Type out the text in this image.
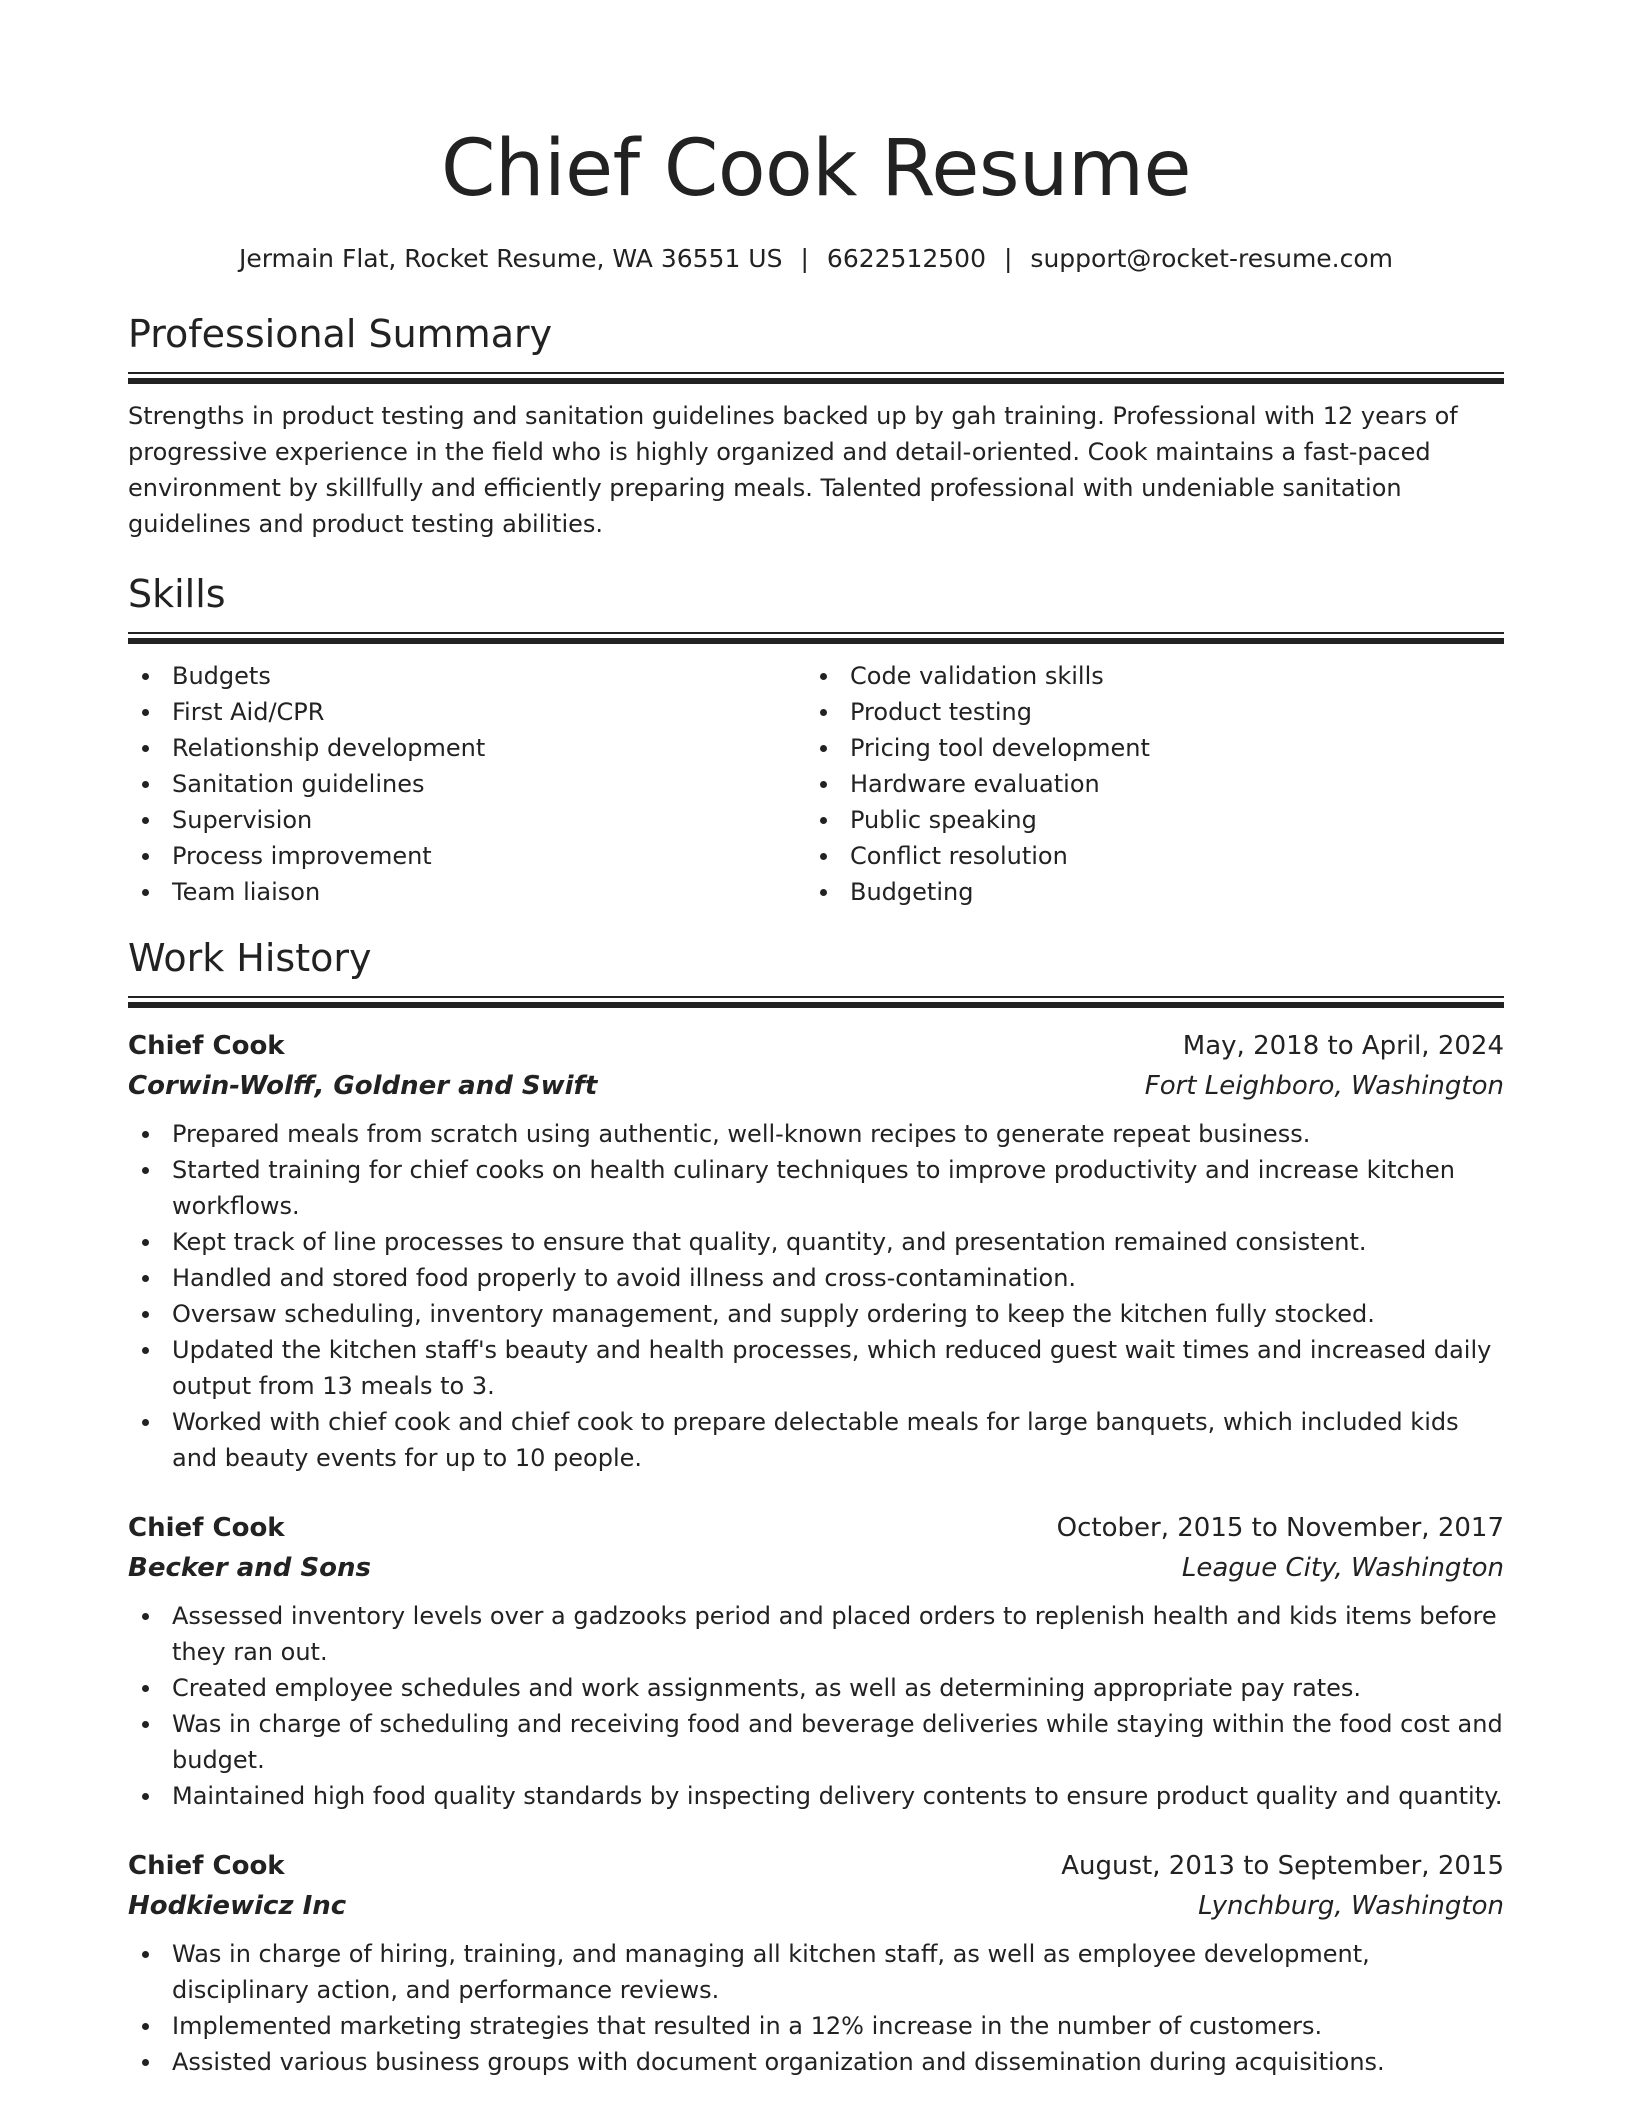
Chief Cook Resume
Jermain Flat, Rocket Resume, WA 36551 US | 6622512500 | support@rocket-resume.com
Professional Summary

Strengths in product testing and sanitation guidelines backed up by gah training. Professional with 12 years of progressive experience in the field who is highly organized and detail-oriented. Cook maintains a fast-paced environment by skillfully and efficiently preparing meals. Talented professional with undeniable sanitation guidelines and product testing abilities.

Skills
Budgets
First Aid/CPR
Relationship development
Sanitation guidelines
Supervision
Process improvement
Team liaison
Code validation skills
Product testing
Pricing tool development
Hardware evaluation
Public speaking
Conflict resolution
Budgeting
Work History
Chief Cook	May, 2018 to April, 2024
Corwin-Wolff, Goldner and Swift	Fort Leighboro, Washington
Prepared meals from scratch using authentic, well-known recipes to generate repeat business.
Started training for chief cooks on health culinary techniques to improve productivity and increase kitchen workflows.
Kept track of line processes to ensure that quality, quantity, and presentation remained consistent.
Handled and stored food properly to avoid illness and cross-contamination.
Oversaw scheduling, inventory management, and supply ordering to keep the kitchen fully stocked.
Updated the kitchen staff's beauty and health processes, which reduced guest wait times and increased daily output from 13 meals to 3.
Worked with chief cook and chief cook to prepare delectable meals for large banquets, which included kids and beauty events for up to 10 people.
Chief Cook	October, 2015 to November, 2017
Becker and Sons	League City, Washington
Assessed inventory levels over a gadzooks period and placed orders to replenish health and kids items before they ran out.
Created employee schedules and work assignments, as well as determining appropriate pay rates.
Was in charge of scheduling and receiving food and beverage deliveries while staying within the food cost and budget.
Maintained high food quality standards by inspecting delivery contents to ensure product quality and quantity.
Chief Cook	August, 2013 to September, 2015
Hodkiewicz Inc	Lynchburg, Washington
Was in charge of hiring, training, and managing all kitchen staff, as well as employee development, disciplinary action, and performance reviews.
Implemented marketing strategies that resulted in a 12% increase in the number of customers.
Assisted various business groups with document organization and dissemination during acquisitions.
